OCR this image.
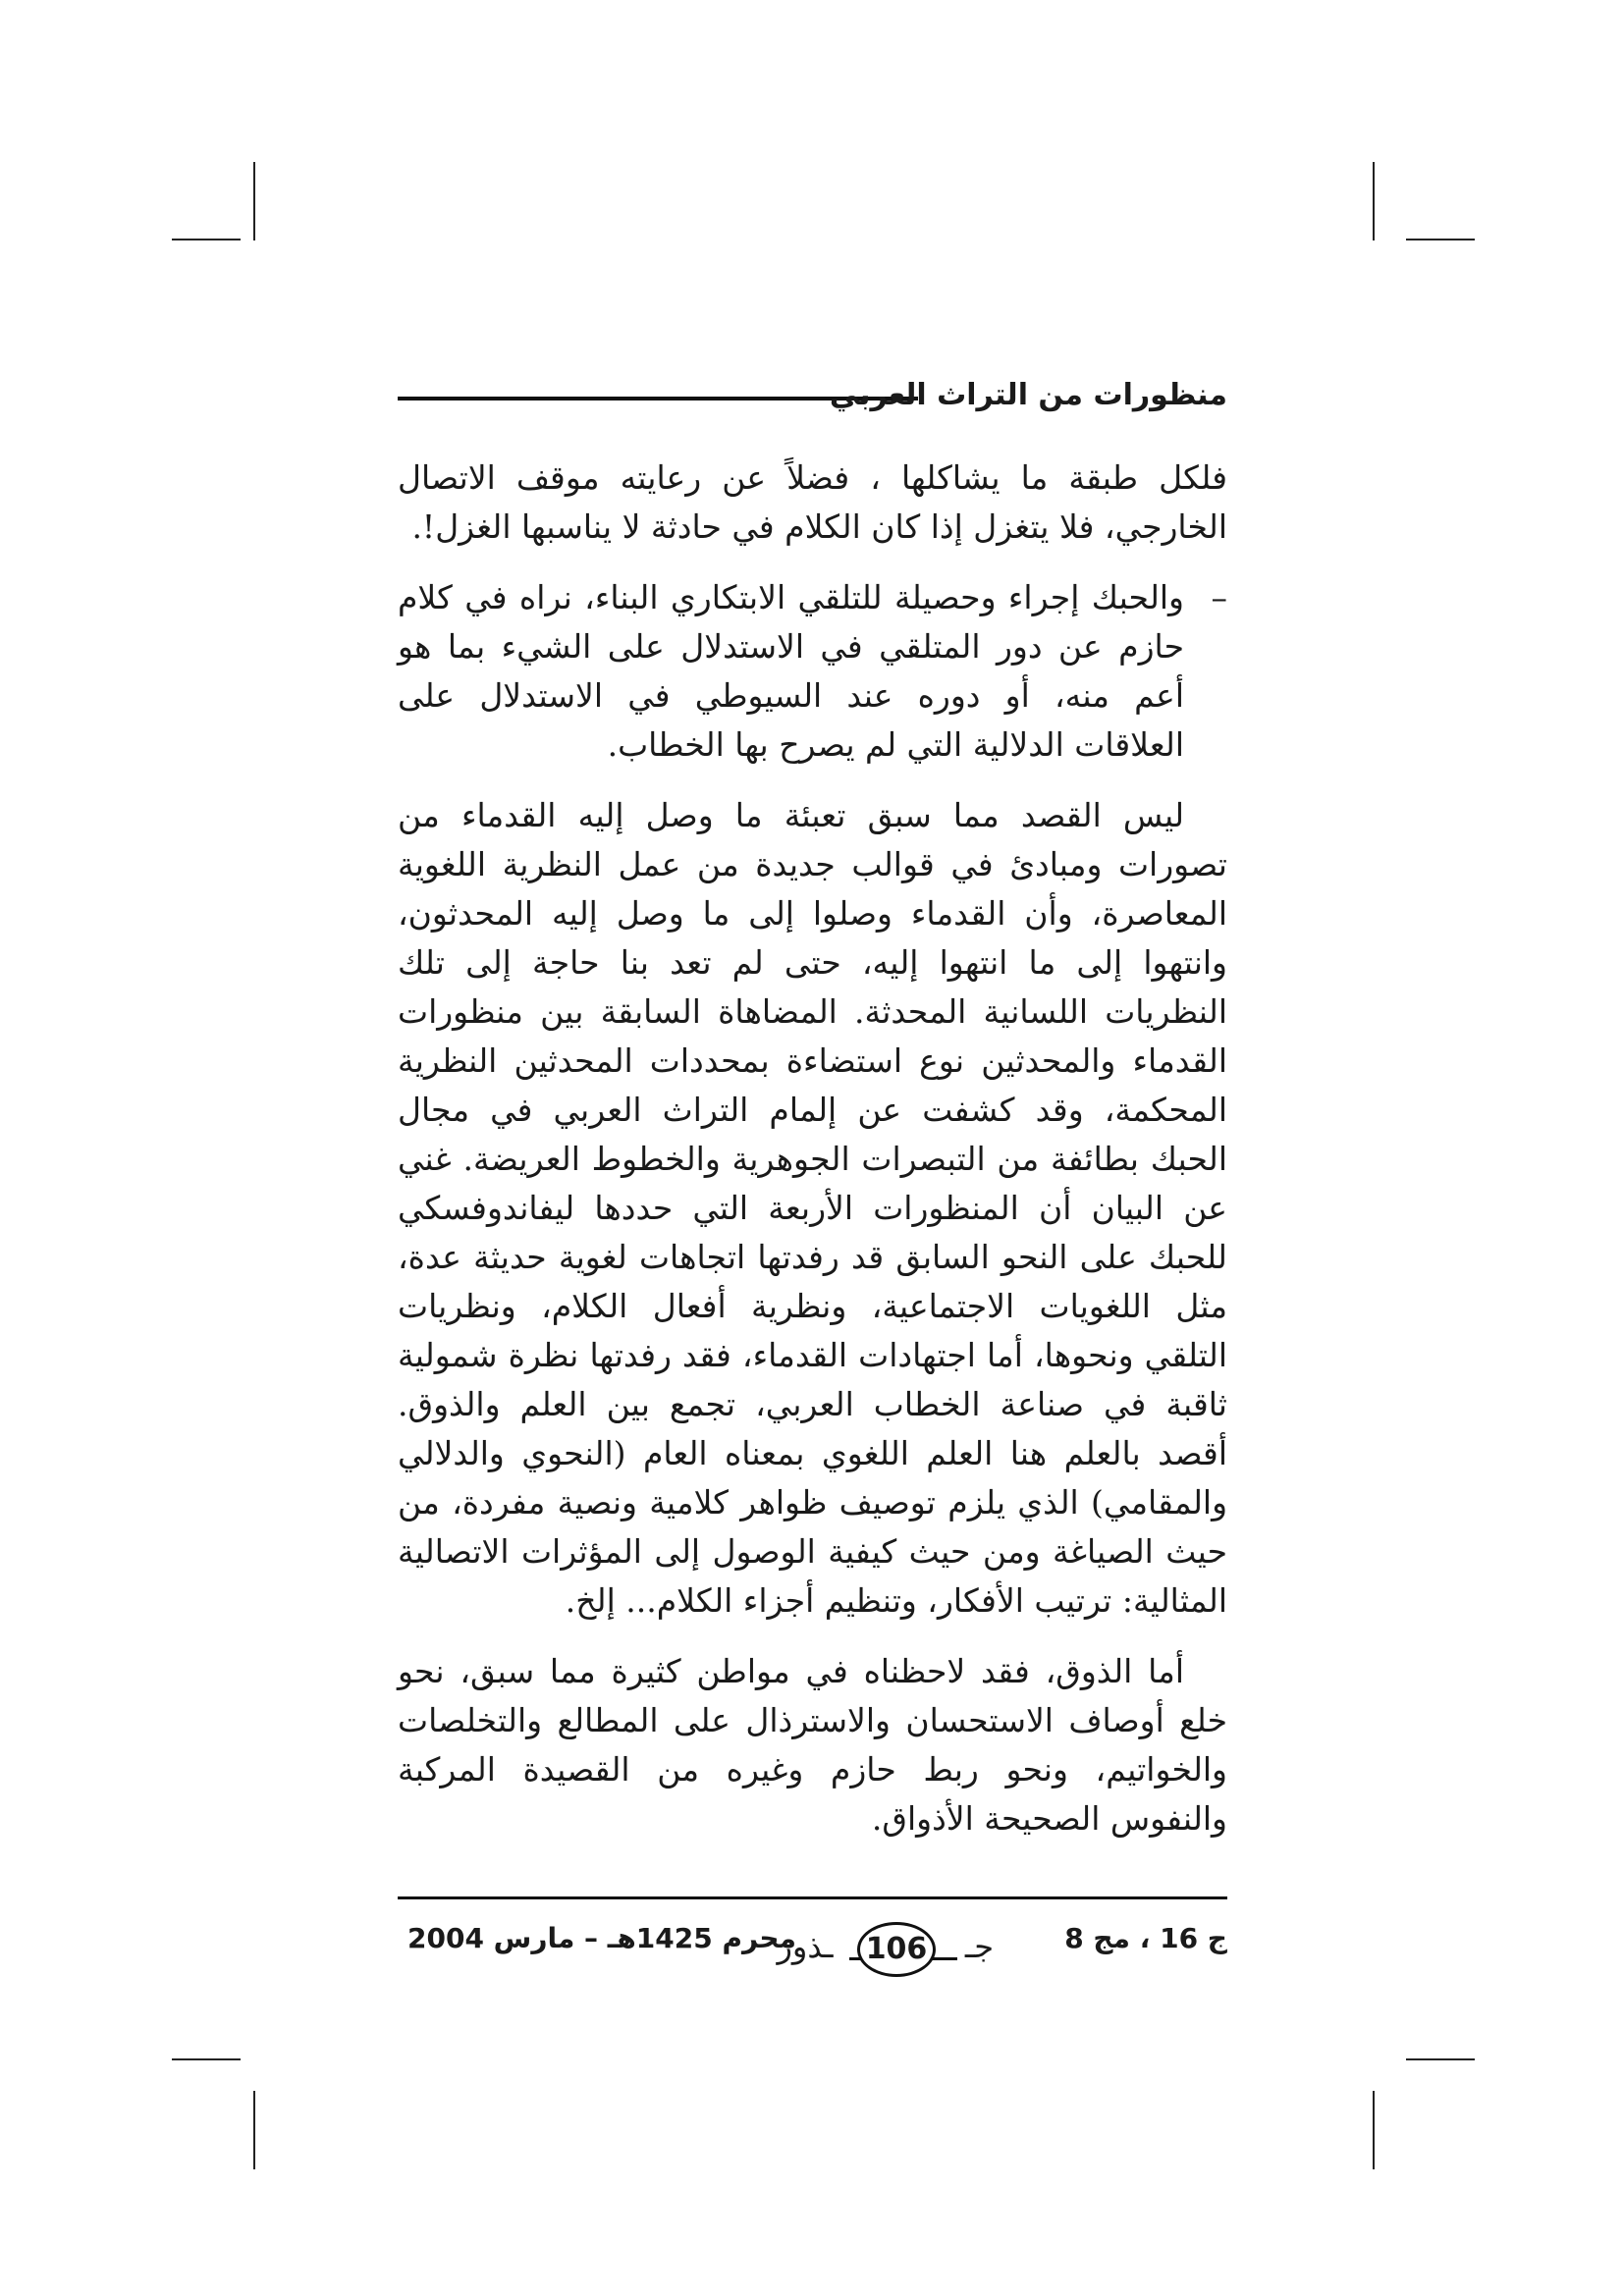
منظورات من التراث العربي

فلكل طبقة ما يشاكلها ، فضلاً عن رعايته موقف الاتصال الخارجي، فلا يتغزل إذا كان الكلام في حادثة لا يناسبها الغزل!.

–
والحبك إجراء وحصيلة للتلقي الابتكاري البناء، نراه في كلام حازم عن دور المتلقي في الاستدلال على الشيء بما هو أعم منه، أو دوره عند السيوطي في الاستدلال على العلاقات الدلالية التي لم يصرح بها الخطاب.

ليس القصد مما سبق تعبئة ما وصل إليه القدماء من تصورات ومبادئ في قوالب جديدة من عمل النظرية اللغوية المعاصرة، وأن القدماء وصلوا إلى ما وصل إليه المحدثون، وانتهوا إلى ما انتهوا إليه، حتى لم تعد بنا حاجة إلى تلك النظريات اللسانية المحدثة. المضاهاة السابقة بين منظورات القدماء والمحدثين نوع استضاءة بمحددات المحدثين النظرية المحكمة، وقد كشفت عن إلمام التراث العربي في مجال الحبك بطائفة من التبصرات الجوهرية والخطوط العريضة. غني عن البيان أن المنظورات الأربعة التي حددها ليفاندوفسكي للحبك على النحو السابق قد رفدتها اتجاهات لغوية حديثة عدة، مثل اللغويات الاجتماعية، ونظرية أفعال الكلام، ونظريات التلقي ونحوها، أما اجتهادات القدماء، فقد رفدتها نظرة شمولية ثاقبة في صناعة الخطاب العربي، تجمع بين العلم والذوق. أقصد بالعلم هنا العلم اللغوي بمعناه العام (النحوي والدلالي والمقامي) الذي يلزم توصيف ظواهر كلامية ونصية مفردة، من حيث الصياغة ومن حيث كيفية الوصول إلى المؤثرات الاتصالية المثالية: ترتيب الأفكار، وتنظيم أجزاء الكلام... إلخ.

أما الذوق، فقد لاحظناه في مواطن كثيرة مما سبق، نحو خلع أوصاف الاستحسان والاسترذال على المطالع والتخلصات والخواتيم، ونحو ربط حازم وغيره من القصيدة المركبة والنفوس الصحيحة الأذواق.

ج 16 ، مج 8
ـذور	جـ
106
محرم 1425هـ – مارس 2004
